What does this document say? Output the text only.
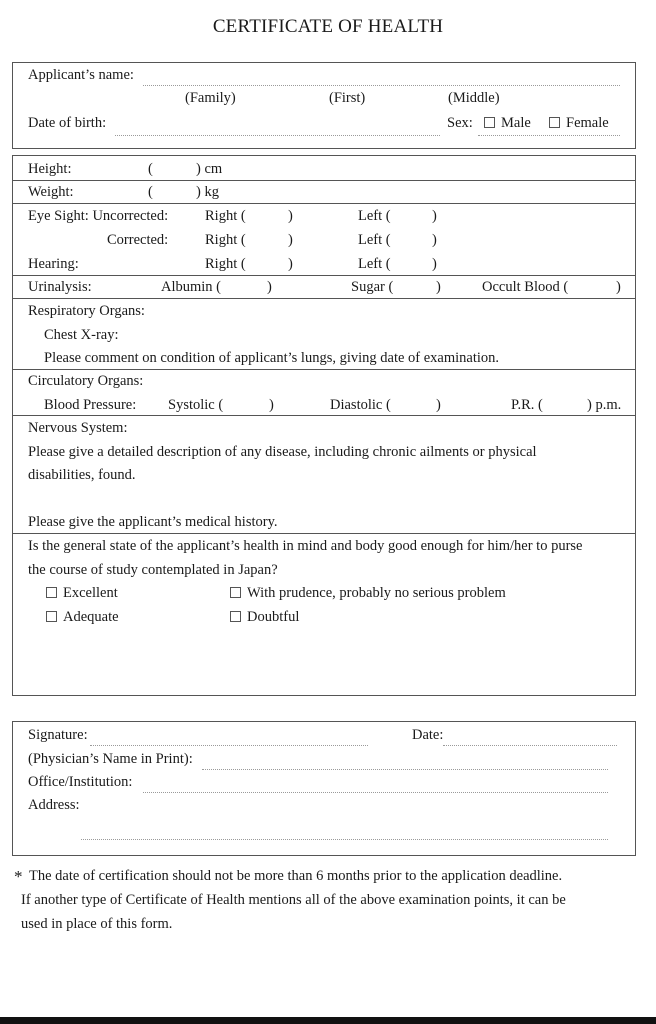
CERTIFICATE OF HEALTH
Applicant’s name:
(Family)	(First)	(Middle)
Date of birth:	Sex:	Male	Female
Height:	(	) cm
Weight:	(	) kg
Eye Sight: Uncorrected:	Right (	)	Left (	)
Corrected:	Right (	)	Left (	)
Hearing:	Right (	)	Left (	)
Urinalysis:	Albumin (	)	Sugar (	)	Occult Blood (	)
Respiratory Organs:
Chest X-ray:
Please comment on condition of applicant’s lungs, giving date of examination.
Circulatory Organs:
Blood Pressure: Systolic (	)	Diastolic (	)	P.R. (	) p.m.
Nervous System:
Please give a detailed description of any disease, including chronic ailments or physical
disabilities, found.
Please give the applicant’s medical history.
Is the general state of the applicant’s health in mind and body good enough for him/her to purse
the course of study contemplated in Japan?
Excellent	With prudence, probably no serious problem
Adequate	Doubtful
Signature:	Date:
(Physician’s Name in Print):
Office/Institution:
Address:
* The date of certification should not be more than 6 months prior to the application deadline.
If another type of Certificate of Health mentions all of the above examination points, it can be
used in place of this form.
